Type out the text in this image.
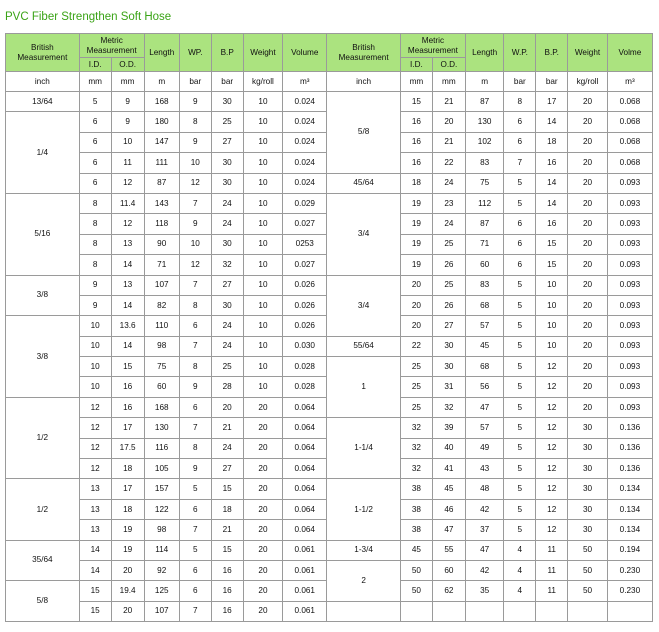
PVC Fiber Strengthen Soft Hose
British Measurement	Metric Measurement		Length	WP.	B.P	Weight	Volume	British Measurement	Metric Measurement		Length	W.P.	B.P.	Weight	Volme
	I.D.	O.D.							I.D.	O.D.					
inch	mm	mm	m	bar	bar	kg/roll	m³	inch	mm	mm	m	bar	bar	kg/roll	m³
13/64	5	9	168	9	30	10	0.024	5/8	15	21	87	8	17	20	0.068
1/4	6	9	180	8	25	10	0.024		16	20	130	6	14	20	0.068
	6	10	147	9	27	10	0.024		16	21	102	6	18	20	0.068
	6	11	111	10	30	10	0.024		16	22	83	7	16	20	0.068
	6	12	87	12	30	10	0.024	45/64	18	24	75	5	14	20	0.093
5/16	8	11.4	143	7	24	10	0.029	3/4	19	23	112	5	14	20	0.093
	8	12	118	9	24	10	0.027		19	24	87	6	16	20	0.093
	8	13	90	10	30	10	0253		19	25	71	6	15	20	0.093
	8	14	71	12	32	10	0.027		19	26	60	6	15	20	0.093
3/8	9	13	107	7	27	10	0.026	3/4	20	25	83	5	10	20	0.093
	9	14	82	8	30	10	0.026		20	26	68	5	10	20	0.093
3/8	10	13.6	110	6	24	10	0.026		20	27	57	5	10	20	0.093
	10	14	98	7	24	10	0.030	55/64	22	30	45	5	10	20	0.093
	10	15	75	8	25	10	0.028	1	25	30	68	5	12	20	0.093
	10	16	60	9	28	10	0.028		25	31	56	5	12	20	0.093
1/2	12	16	168	6	20	20	0.064		25	32	47	5	12	20	0.093
	12	17	130	7	21	20	0.064	1-1/4	32	39	57	5	12	30	0.136
	12	17.5	116	8	24	20	0.064		32	40	49	5	12	30	0.136
	12	18	105	9	27	20	0.064		32	41	43	5	12	30	0.136
1/2	13	17	157	5	15	20	0.064	1-1/2	38	45	48	5	12	30	0.134
	13	18	122	6	18	20	0.064		38	46	42	5	12	30	0.134
	13	19	98	7	21	20	0.064		38	47	37	5	12	30	0.134
35/64	14	19	114	5	15	20	0.061	1-3/4	45	55	47	4	11	50	0.194
	14	20	92	6	16	20	0.061	2	50	60	42	4	11	50	0.230
5/8	15	19.4	125	6	16	20	0.061		50	62	35	4	11	50	0.230
	15	20	107	7	16	20	0.061								
